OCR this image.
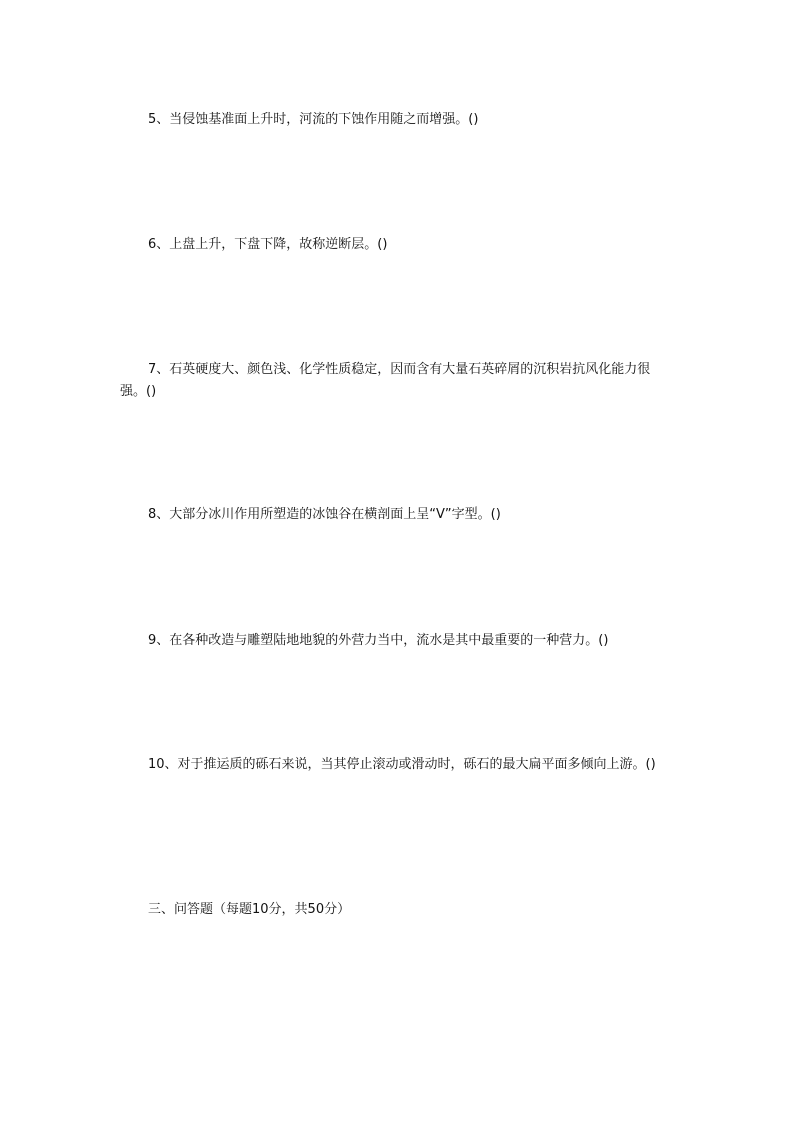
5、当侵蚀基准面上升时，河流的下蚀作用随之而增强。()

6、上盘上升，下盘下降，故称逆断层。()

7、石英硬度大、颜色浅、化学性质稳定，因而含有大量石英碎屑的沉积岩抗风化能力很强。()

8、大部分冰川作用所塑造的冰蚀谷在横剖面上呈“V”字型。()

9、在各种改造与雕塑陆地地貌的外营力当中，流水是其中最重要的一种营力。()

10、对于推运质的砾石来说，当其停止滚动或滑动时，砾石的最大扁平面多倾向上游。()

三、问答题（每题10分，共50分）
